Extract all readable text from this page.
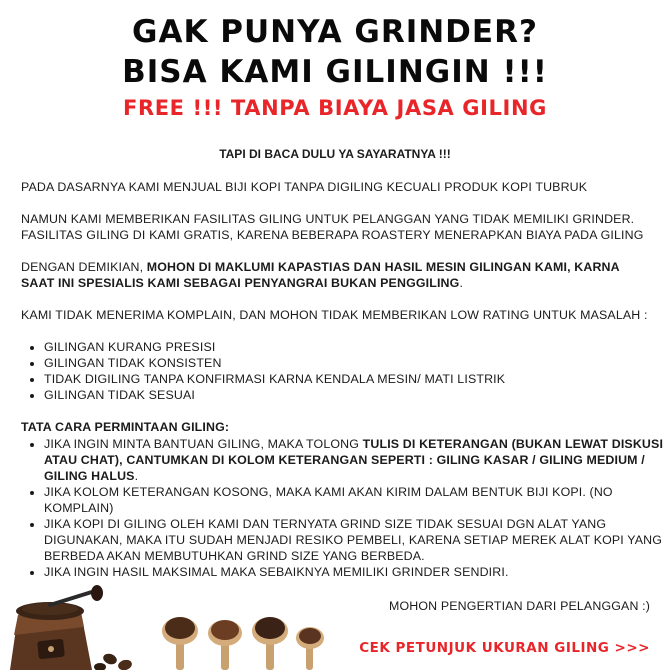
GAK PUNYA GRINDER?
BISA KAMI GILINGIN !!!
FREE !!! TANPA BIAYA JASA GILING
TAPI DI BACA DULU YA SAYARATNYA !!!
PADA DASARNYA KAMI MENJUAL BIJI KOPI TANPA DIGILING KECUALI PRODUK KOPI TUBRUK
NAMUN KAMI MEMBERIKAN FASILITAS GILING UNTUK PELANGGAN YANG TIDAK MEMILIKI GRINDER. FASILITAS GILING DI KAMI GRATIS, KARENA BEBERAPA ROASTERY MENERAPKAN BIAYA PADA GILING
DENGAN DEMIKIAN, MOHON DI MAKLUMI KAPASTIAS DAN HASIL MESIN GILINGAN KAMI, KARNA SAAT INI SPESIALIS KAMI SEBAGAI PENYANGRAI BUKAN PENGGILING.
KAMI TIDAK MENERIMA KOMPLAIN, DAN MOHON TIDAK MEMBERIKAN LOW RATING UNTUK MASALAH :
• GILINGAN KURANG PRESISI
• GILINGAN TIDAK KONSISTEN
• TIDAK DIGILING TANPA KONFIRMASI KARNA KENDALA MESIN/ MATI LISTRIK
• GILINGAN TIDAK SESUAI
TATA CARA PERMINTAAN GILING:
• JIKA INGIN MINTA BANTUAN GILING, MAKA TOLONG TULIS DI KETERANGAN (BUKAN LEWAT DISKUSI ATAU CHAT), CANTUMKAN DI KOLOM KETERANGAN SEPERTI : GILING KASAR / GILING MEDIUM / GILING HALUS.
• JIKA KOLOM KETERANGAN KOSONG, MAKA KAMI AKAN KIRIM DALAM BENTUK BIJI KOPI. (NO KOMPLAIN)
• JIKA KOPI DI GILING OLEH KAMI DAN TERNYATA GRIND SIZE TIDAK SESUAI DGN ALAT YANG DIGUNAKAN, MAKA ITU SUDAH MENJADI RESIKO PEMBELI, KARENA SETIAP MEREK ALAT KOPI YANG BERBEDA AKAN MEMBUTUHKAN GRIND SIZE YANG BERBEDA.
• JIKA INGIN HASIL MAKSIMAL MAKA SEBAIKNYA MEMILIKI GRINDER SENDIRI.
MOHON PENGERTIAN DARI PELANGGAN :)
CEK PETUNJUK UKURAN GILING >>>
